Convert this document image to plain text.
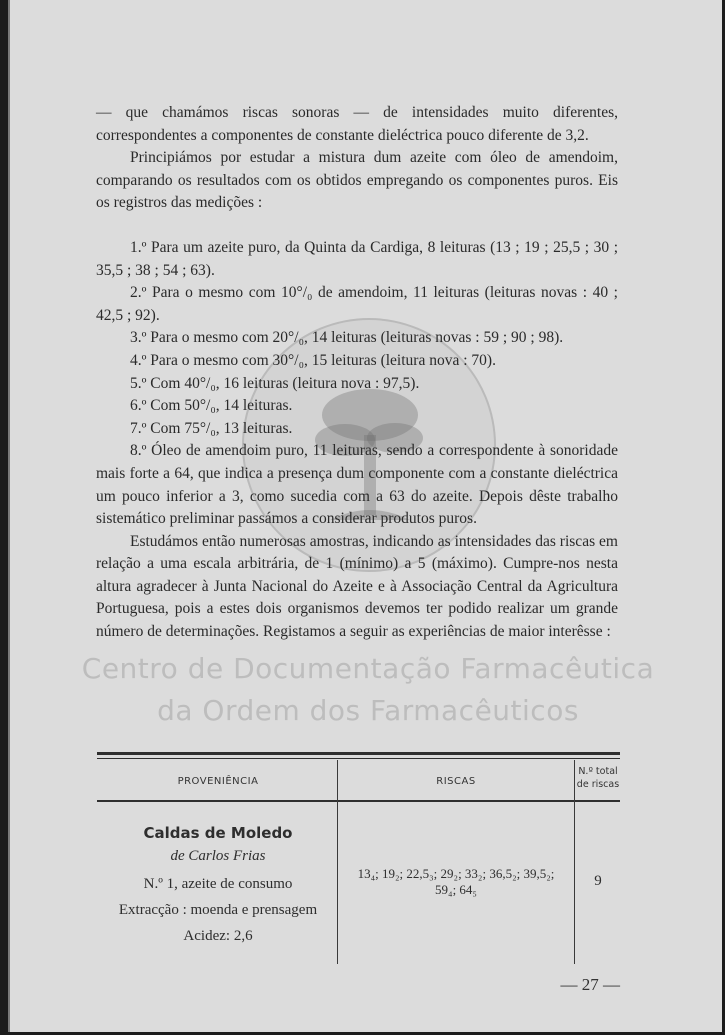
Centro de Documentação Farmacêutica
da Ordem dos Farmacêuticos

— que chamámos riscas sonoras — de intensidades muito diferentes, correspondentes a componentes de constante dieléctrica pouco diferente de 3,2.

Principiámos por estudar a mistura dum azeite com óleo de amendoim, comparando os resultados com os obtidos empregando os componentes puros. Eis os registros das medições :

1.º Para um azeite puro, da Quinta da Cardiga, 8 leituras (13 ; 19 ; 25,5 ; 30 ; 35,5 ; 38 ; 54 ; 63).

2.º Para o mesmo com 10°/₀ de amendoim, 11 leituras (leituras novas : 40 ; 42,5 ; 92).

3.º Para o mesmo com 20°/₀, 14 leituras (leituras novas : 59 ; 90 ; 98).

4.º Para o mesmo com 30°/₀, 15 leituras (leitura nova : 70).

5.º Com 40°/₀, 16 leituras (leitura nova : 97,5).

6.º Com 50°/₀, 14 leituras.

7.º Com 75°/₀, 13 leituras.

8.º Óleo de amendoim puro, 11 leituras, sendo a correspondente à sonoridade mais forte a 64, que indica a presença dum componente com a constante dieléctrica um pouco inferior a 3, como sucedia com a 63 do azeite. Depois dêste trabalho sistemático preliminar passámos a considerar produtos puros.

Estudámos então numerosas amostras, indicando as intensidades das riscas em relação a uma escala arbitrária, de 1 (mínimo) a 5 (máximo). Cumpre-nos nesta altura agradecer à Junta Nacional do Azeite e à Associação Central da Agricultura Portuguesa, pois a estes dois organismos devemos ter podido realizar um grande número de determinações. Registamos a seguir as experiências de maior interêsse :

PROVENIÊNCIA	RISCAS
N.º total
de riscas
Caldas de Moledo
de Carlos Frias
N.º 1, azeite de consumo
Extracção : moenda e prensagem
Acidez: 2,6
13₄; 19₂; 22,5₃; 29₂; 33₂; 36,5₂; 39,5₂;
59₄; 64₅
9
— 27 —
